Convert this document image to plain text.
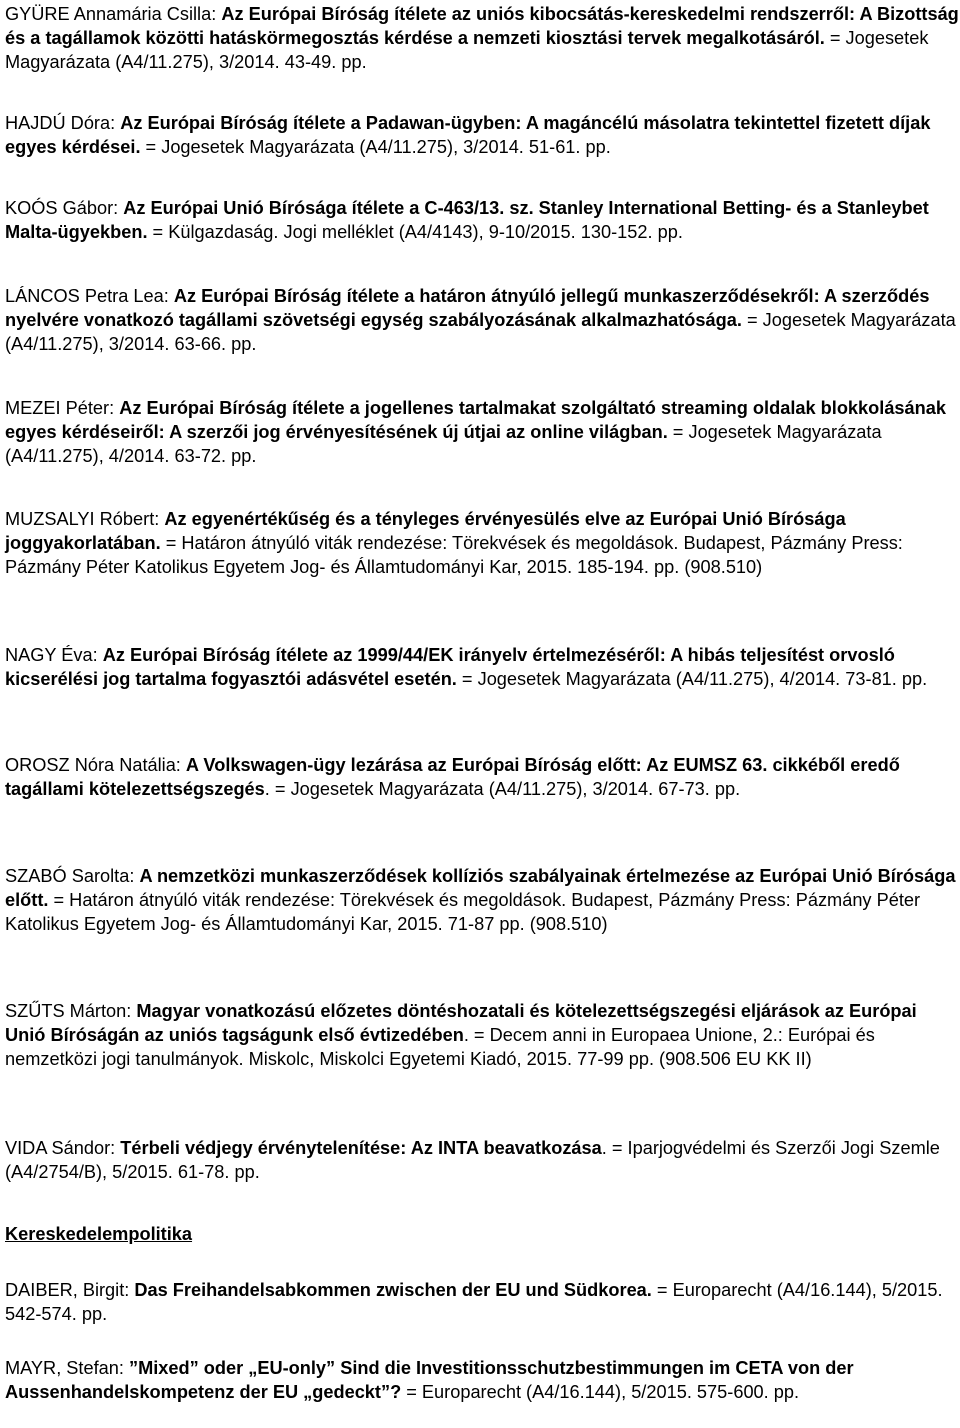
GYÜRE Annamária Csilla: Az Európai Bíróság ítélete az uniós kibocsátás-kereskedelmi rendszerről: A Bizottság és a tagállamok közötti hatáskörmegosztás kérdése a nemzeti kiosztási tervek megalkotásáról. = Jogesetek Magyarázata (A4/11.275), 3/2014. 43-49. pp.

HAJDÚ Dóra: Az Európai Bíróság ítélete a Padawan-ügyben: A magáncélú másolatra tekintettel fizetett díjak egyes kérdései. = Jogesetek Magyarázata (A4/11.275), 3/2014. 51-61. pp.

KOÓS Gábor: Az Európai Unió Bírósága ítélete a C-463/13. sz. Stanley International Betting- és a Stanleybet Malta-ügyekben. = Külgazdaság. Jogi melléklet (A4/4143), 9-10/2015. 130-152. pp.

LÁNCOS Petra Lea: Az Európai Bíróság ítélete a határon átnyúló jellegű munkaszerződésekről: A szerződés nyelvére vonatkozó tagállami szövetségi egység szabályozásának alkalmazhatósága. = Jogesetek Magyarázata (A4/11.275), 3/2014. 63-66. pp.

MEZEI Péter: Az Európai Bíróság ítélete a jogellenes tartalmakat szolgáltató streaming oldalak blokkolásának egyes kérdéseiről: A szerzői jog érvényesítésének új útjai az online világban. = Jogesetek Magyarázata (A4/11.275), 4/2014. 63-72. pp.

MUZSALYI Róbert: Az egyenértékűség és a tényleges érvényesülés elve az Európai Unió Bírósága joggyakorlatában. = Határon átnyúló viták rendezése: Törekvések és megoldások. Budapest, Pázmány Press: Pázmány Péter Katolikus Egyetem Jog- és Államtudományi Kar, 2015. 185-194. pp. (908.510)

NAGY Éva: Az Európai Bíróság ítélete az 1999/44/EK irányelv értelmezéséről: A hibás teljesítést orvosló kicserélési jog tartalma fogyasztói adásvétel esetén. = Jogesetek Magyarázata (A4/11.275), 4/2014. 73-81. pp.

OROSZ Nóra Natália: A Volkswagen-ügy lezárása az Európai Bíróság előtt: Az EUMSZ 63. cikkéből eredő tagállami kötelezettségszegés. = Jogesetek Magyarázata (A4/11.275), 3/2014. 67-73. pp.

SZABÓ Sarolta: A nemzetközi munkaszerződések kollíziós szabályainak értelmezése az Európai Unió Bírósága előtt. = Határon átnyúló viták rendezése: Törekvések és megoldások. Budapest, Pázmány Press: Pázmány Péter Katolikus Egyetem Jog- és Államtudományi Kar, 2015. 71-87 pp. (908.510)

SZŰTS Márton: Magyar vonatkozású előzetes döntéshozatali és kötelezettségszegési eljárások az Európai Unió Bíróságán az uniós tagságunk első évtizedében. = Decem anni in Europaea Unione, 2.: Európai és nemzetközi jogi tanulmányok. Miskolc, Miskolci Egyetemi Kiadó, 2015. 77-99 pp. (908.506 EU KK II)

VIDA Sándor: Térbeli védjegy érvénytelenítése: Az INTA beavatkozása. = Iparjogvédelmi és Szerzői Jogi Szemle (A4/2754/B), 5/2015. 61-78. pp.

Kereskedelempolitika

DAIBER, Birgit: Das Freihandelsabkommen zwischen der EU und Südkorea. = Europarecht (A4/16.144), 5/2015. 542-574. pp.

MAYR, Stefan: ”Mixed” oder „EU-only” Sind die Investitionsschutzbestimmungen im CETA von der Aussenhandelskompetenz der EU „gedeckt”? = Europarecht (A4/16.144), 5/2015. 575-600. pp.
